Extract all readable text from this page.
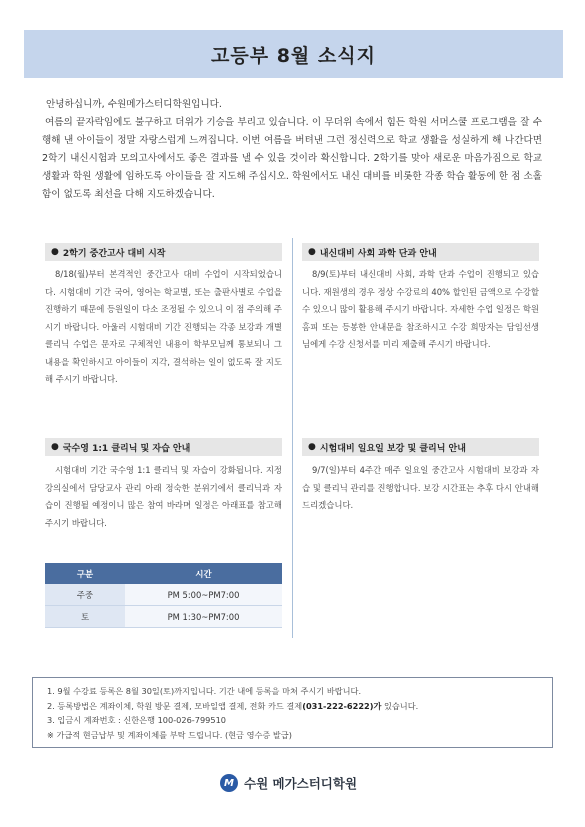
고등부 8월 소식지

안녕하십니까, 수원메가스터디학원입니다.

여름의 끝자락임에도 불구하고 더위가 기승을 부리고 있습니다. 이 무더위 속에서 힘든 학원 서머스쿨 프로그램을 잘 수행해 낸 아이들이 정말 자랑스럽게 느껴집니다. 이번 여름을 버텨낸 그런 정신력으로 학교 생활을 성실하게 해 나간다면 2학기 내신시험과 모의고사에서도 좋은 결과를 낼 수 있을 것이라 확신합니다. 2학기를 맞아 새로운 마음가짐으로 학교 생활과 학원 생활에 임하도록 아이들을 잘 지도해 주십시오. 학원에서도 내신 대비를 비롯한 각종 학습 활동에 한 점 소홀함이 없도록 최선을 다해 지도하겠습니다.

● 2학기 중간고사 대비 시작

8/18(월)부터 본격적인 중간고사 대비 수업이 시작되었습니다. 시험대비 기간 국어, 영어는 학교별, 또는 출판사별로 수업을 진행하기 때문에 등원일이 다소 조정될 수 있으니 이 점 주의해 주시기 바랍니다. 아울러 시험대비 기간 진행되는 각종 보강과 개별 클리닉 수업은 문자로 구체적인 내용이 학부모님께 통보되니 그 내용을 확인하시고 아이들이 지각, 결석하는 일이 없도록 잘 지도해 주시기 바랍니다.

● 국수영 1:1 클리닉 및 자습 안내

시험대비 기간 국수영 1:1 클리닉 및 자습이 강화됩니다. 지정 강의실에서 담당교사 관리 아래 정숙한 분위기에서 클리닉과 자습이 진행될 예정이니 많은 참여 바라며 일정은 아래표를 참고해 주시기 바랍니다.

구분	시간
주중	PM 5:00~PM7:00
토	PM 1:30~PM7:00
● 내신대비 사회 과학 단과 안내

8/9(토)부터 내신대비 사회, 과학 단과 수업이 진행되고 있습니다. 재원생의 경우 정상 수강료의 40% 할인된 금액으로 수강할 수 있으니 많이 활용해 주시기 바랍니다. 자세한 수업 일정은 학원 홈피 또는 등봉한 안내문을 참조하시고 수강 희망자는 담임선생님에게 수강 신청서를 미리 제출해 주시기 바랍니다.

● 시험대비 일요일 보강 및 클리닉 안내

9/7(일)부터 4주간 매주 일요일 중간고사 시험대비 보강과 자습 및 클리닉 관리를 진행합니다. 보강 시간표는 추후 다시 안내해 드리겠습니다.

1. 9월 수강료 등록은 8월 30일(토)까지입니다. 기간 내에 등록을 마쳐 주시기 바랍니다.

2. 등록방법은 계좌이체, 학원 방문 결제, 모바일앱 결제, 전화 카드 결제(031-222-6222)가 있습니다.

3. 입금시 계좌번호 : 신한은행 100-026-799510

※ 가급적 현금납부 및 계좌이체를 부탁 드립니다. (현금 영수증 발급)

M 수원 메가스터디학원
